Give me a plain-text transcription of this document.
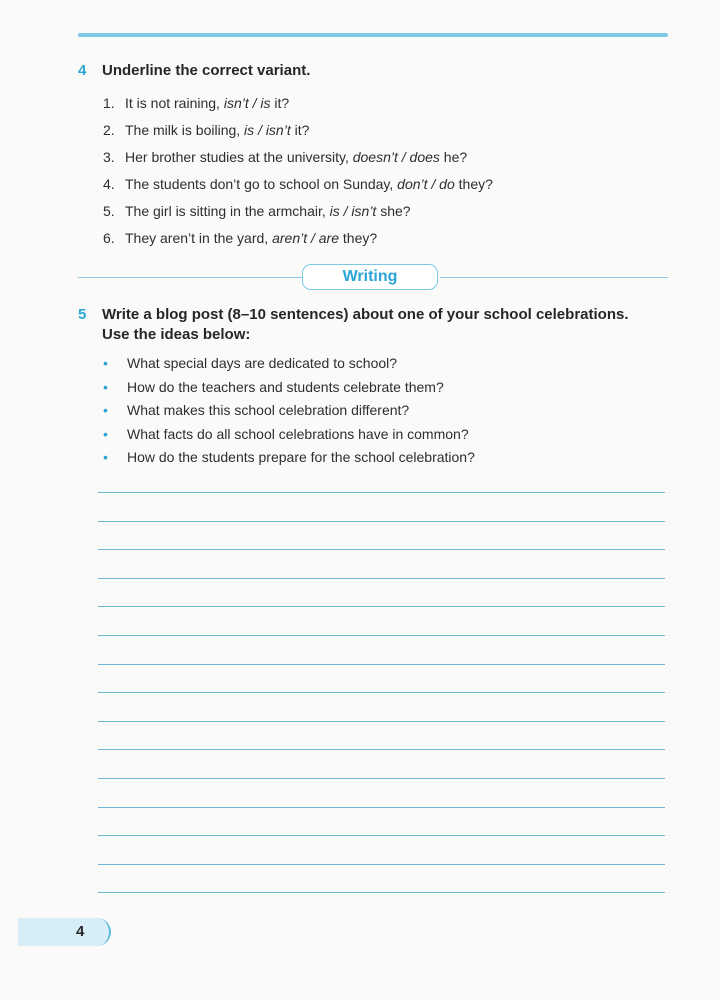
4 Underline the correct variant.
1. It is not raining, isn’t / is it?
2. The milk is boiling, is / isn’t it?
3. Her brother studies at the university, doesn’t / does he?
4. The students don’t go to school on Sunday, don’t / do they?
5. The girl is sitting in the armchair, is / isn’t she?
6. They aren’t in the yard, aren’t / are they?
Writing
5 Write a blog post (8–10 sentences) about one of your school celebrations.
Use the ideas below:
• What special days are dedicated to school?
• How do the teachers and students celebrate them?
• What makes this school celebration different?
• What facts do all school celebrations have in common?
• How do the students prepare for the school celebration?
4
